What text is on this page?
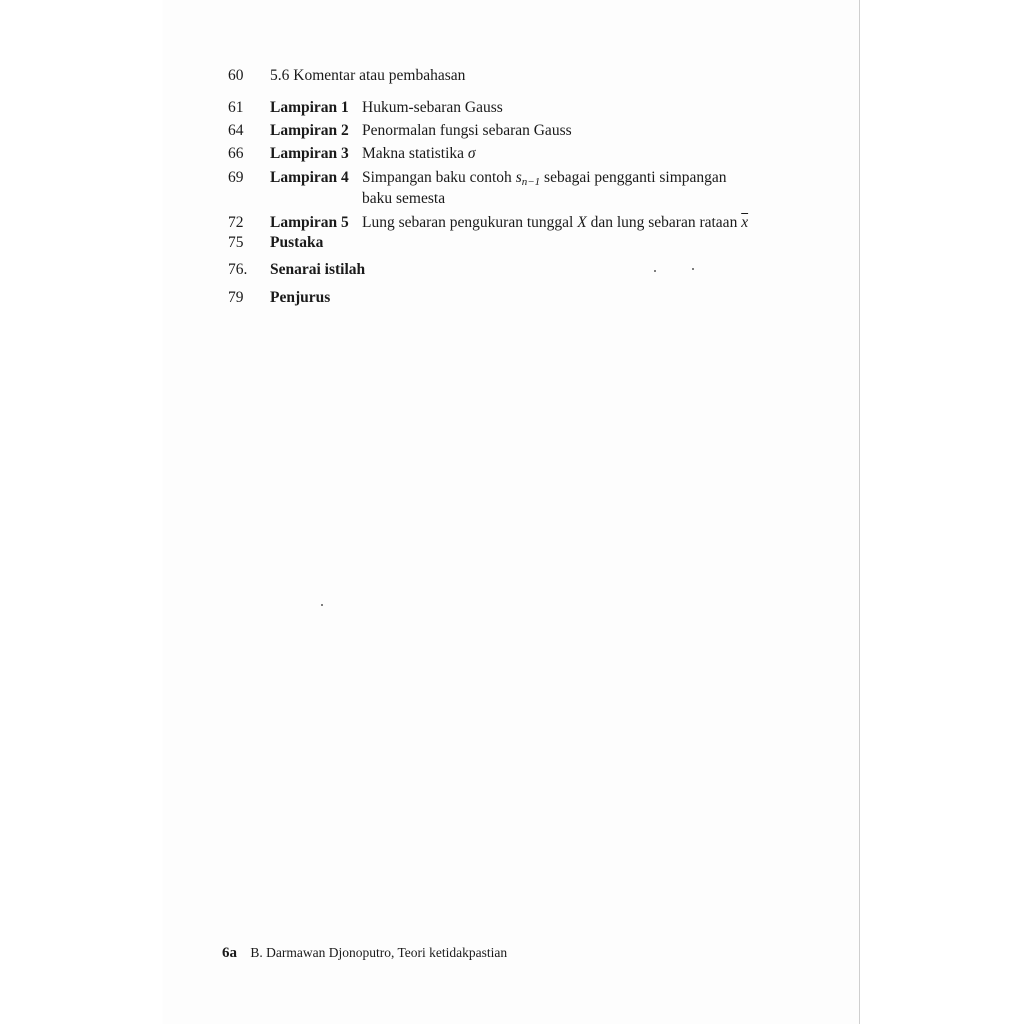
60	5.6 Komentar atau pembahasan
61	Lampiran 1 Hukum-sebaran Gauss
64	Lampiran 2 Penormalan fungsi sebaran Gauss
66	Lampiran 3 Makna statistika σ
69	Lampiran 4 Simpangan baku contoh $s_{n-1}$ sebagai pengganti simpangan
baku semesta
72	Lampiran 5 Lung sebaran pengukuran tunggal X dan lung sebaran rataan $\overline{x}$
75	Pustaka
76.	Senarai istilah
79	Penjurus
6a B. Darmawan Djonoputro, Teori ketidakpastian
